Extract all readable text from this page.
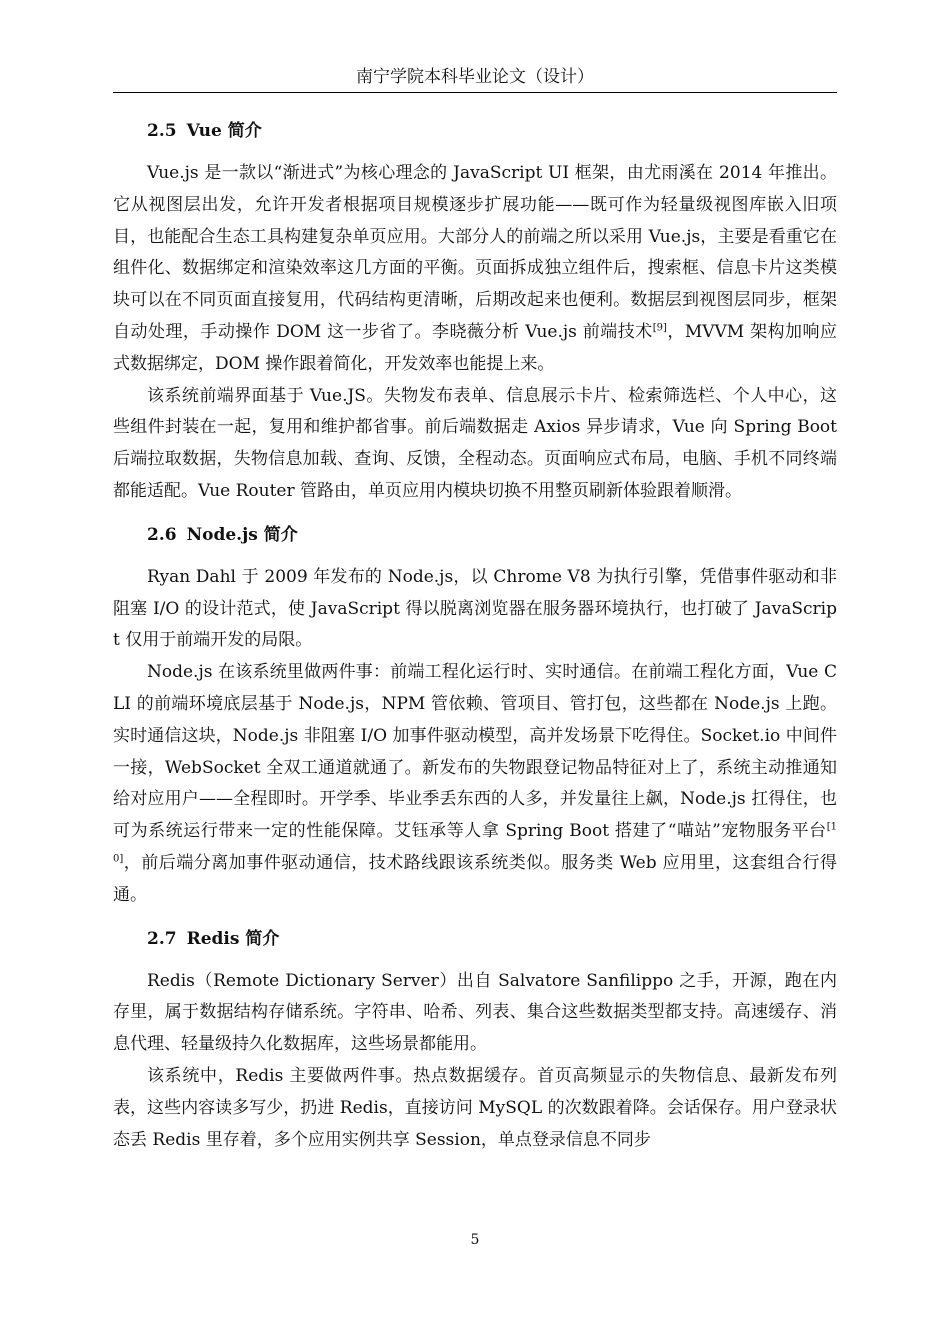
南宁学院本科毕业论文（设计）
2.5 Vue 简介

Vue.js 是一款以“渐进式”为核心理念的 JavaScript UI 框架，由尤雨溪在 2014 年推出。它从视图层出发，允许开发者根据项目规模逐步扩展功能——既可作为轻量级视图库嵌入旧项目，也能配合生态工具构建复杂单页应用。大部分人的前端之所以采用 Vue.js，主要是看重它在组件化、数据绑定和渲染效率这几方面的平衡。页面拆成独立组件后，搜索框、信息卡片这类模块可以在不同页面直接复用，代码结构更清晰，后期改起来也便利。数据层到视图层同步，框架自动处理，手动操作 DOM 这一步省了。李晓薇分析 Vue.js 前端技术[9]，MVVM 架构加响应式数据绑定，DOM 操作跟着简化，开发效率也能提上来。

该系统前端界面基于 Vue.JS。失物发布表单、信息展示卡片、检索筛选栏、个人中心，这些组件封装在一起，复用和维护都省事。前后端数据走 Axios 异步请求，Vue 向 Spring Boot 后端拉取数据，失物信息加载、查询、反馈，全程动态。页面响应式布局，电脑、手机不同终端都能适配。Vue Router 管路由，单页应用内模块切换不用整页刷新体验跟着顺滑。

2.6 Node.js 简介

Ryan Dahl 于 2009 年发布的 Node.js，以 Chrome V8 为执行引擎，凭借事件驱动和非阻塞 I/O 的设计范式，使 JavaScript 得以脱离浏览器在服务器环境执行，也打破了 JavaScript 仅用于前端开发的局限。

Node.js 在该系统里做两件事：前端工程化运行时、实时通信。在前端工程化方面，Vue CLI 的前端环境底层基于 Node.js，NPM 管依赖、管项目、管打包，这些都在 Node.js 上跑。实时通信这块，Node.js 非阻塞 I/O 加事件驱动模型，高并发场景下吃得住。Socket.io 中间件一接，WebSocket 全双工通道就通了。新发布的失物跟登记物品特征对上了，系统主动推通知给对应用户——全程即时。开学季、毕业季丢东西的人多，并发量往上飙，Node.js 扛得住，也可为系统运行带来一定的性能保障。艾钰承等人拿 Spring Boot 搭建了“喵站”宠物服务平台[10]，前后端分离加事件驱动通信，技术路线跟该系统类似。服务类 Web 应用里，这套组合行得通。

2.7 Redis 简介

Redis（Remote Dictionary Server）出自 Salvatore Sanfilippo 之手，开源，跑在内存里，属于数据结构存储系统。字符串、哈希、列表、集合这些数据类型都支持。高速缓存、消息代理、轻量级持久化数据库，这些场景都能用。

该系统中，Redis 主要做两件事。热点数据缓存。首页高频显示的失物信息、最新发布列表，这些内容读多写少，扔进 Redis，直接访问 MySQL 的次数跟着降。会话保存。用户登录状态丢 Redis 里存着，多个应用实例共享 Session，单点登录信息不同步

5
